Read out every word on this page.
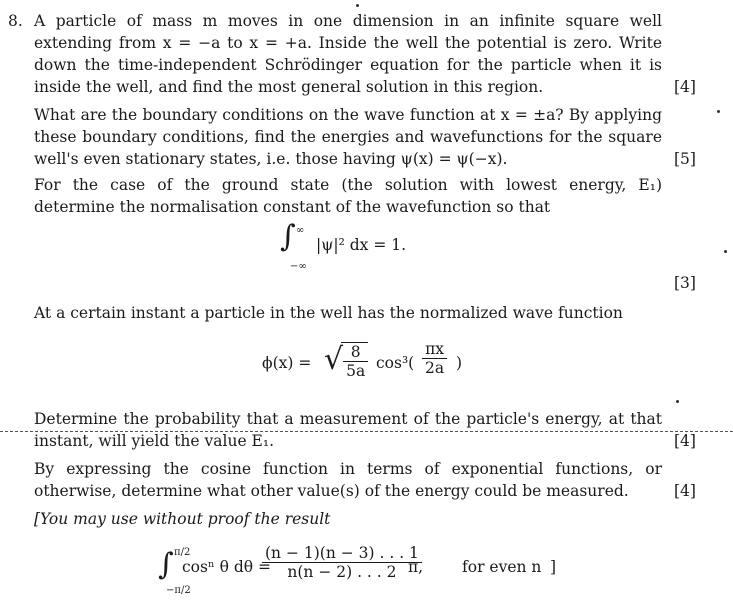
8. A particle of mass m moves in one dimension in an infinite square well extending from x = −a to x = +a. Inside the well the potential is zero. Write down the time-independent Schrödinger equation for the particle when it is inside the well, and find the most general solution in this region.	[4]
What are the boundary conditions on the wave function at x = ±a? By applying these boundary conditions, find the energies and wavefunctions for the square well's even stationary states, i.e. those having ψ(x) = ψ(−x).	[5]
For the case of the ground state (the solution with lowest energy, E₁) determine the normalisation constant of the wavefunction so that
∫ ∞
−∞
|ψ|² dx = 1.
[3]
At a certain instant a particle in the well has the normalized wave function
ϕ(x) = √ $\frac{8}{5a} \cos^3( \frac{\pi x}{2a}$ )
Determine the probability that a measurement of the particle's energy, at that instant, will yield the value E₁.	[4]
By expressing the cosine function in terms of exponential functions, or otherwise, determine what other value(s) of the energy could be measured.	[4]
[You may use without proof the result
∫ π/2
−π/2
cosⁿ θ dθ =
$\frac{(n - 1)(n - 3) . . . 1}{n(n - 2) . . . 2}$
π,	for even n ]
